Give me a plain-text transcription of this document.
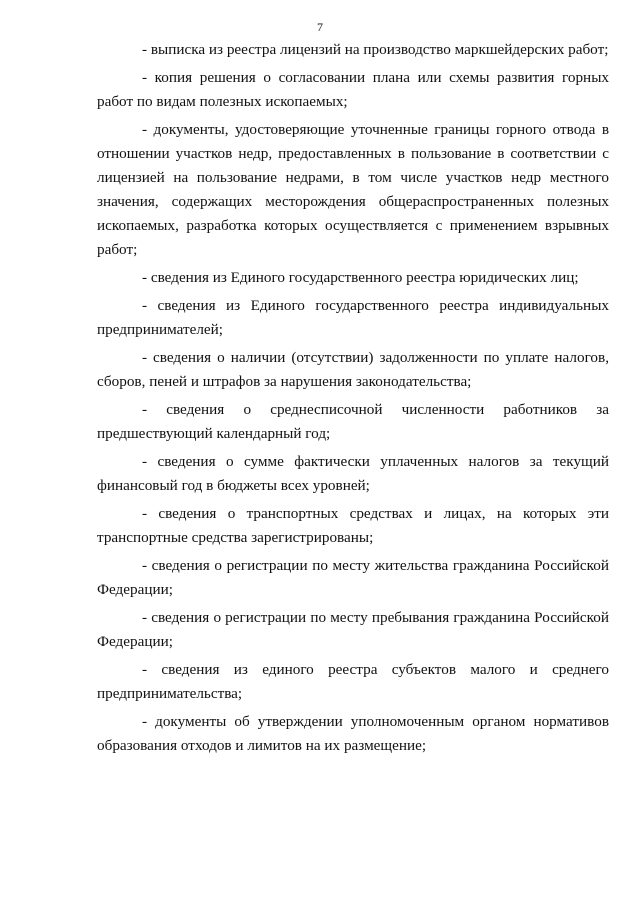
7

- выписка из реестра лицензий на производство маркшейдерских работ;

- копия решения о согласовании плана или схемы развития горных работ по видам полезных ископаемых;

- документы, удостоверяющие уточненные границы горного отвода в отношении участков недр, предоставленных в пользование в соответствии с лицензией на пользование недрами, в том числе участков недр местного значения, содержащих месторождения общераспространенных полезных ископаемых, разработка которых осуществляется с применением взрывных работ;

- сведения из Единого государственного реестра юридических лиц;

- сведения из Единого государственного реестра индивидуальных предпринимателей;

- сведения о наличии (отсутствии) задолженности по уплате налогов, сборов, пеней и штрафов за нарушения законодательства;

- сведения о среднесписочной численности работников за предшествующий календарный год;

- сведения о сумме фактически уплаченных налогов за текущий финансовый год в бюджеты всех уровней;

- сведения о транспортных средствах и лицах, на которых эти транспортные средства зарегистрированы;

- сведения о регистрации по месту жительства гражданина Российской Федерации;

- сведения о регистрации по месту пребывания гражданина Российской Федерации;

- сведения из единого реестра субъектов малого и среднего предпринимательства;

- документы об утверждении уполномоченным органом нормативов образования отходов и лимитов на их размещение;
